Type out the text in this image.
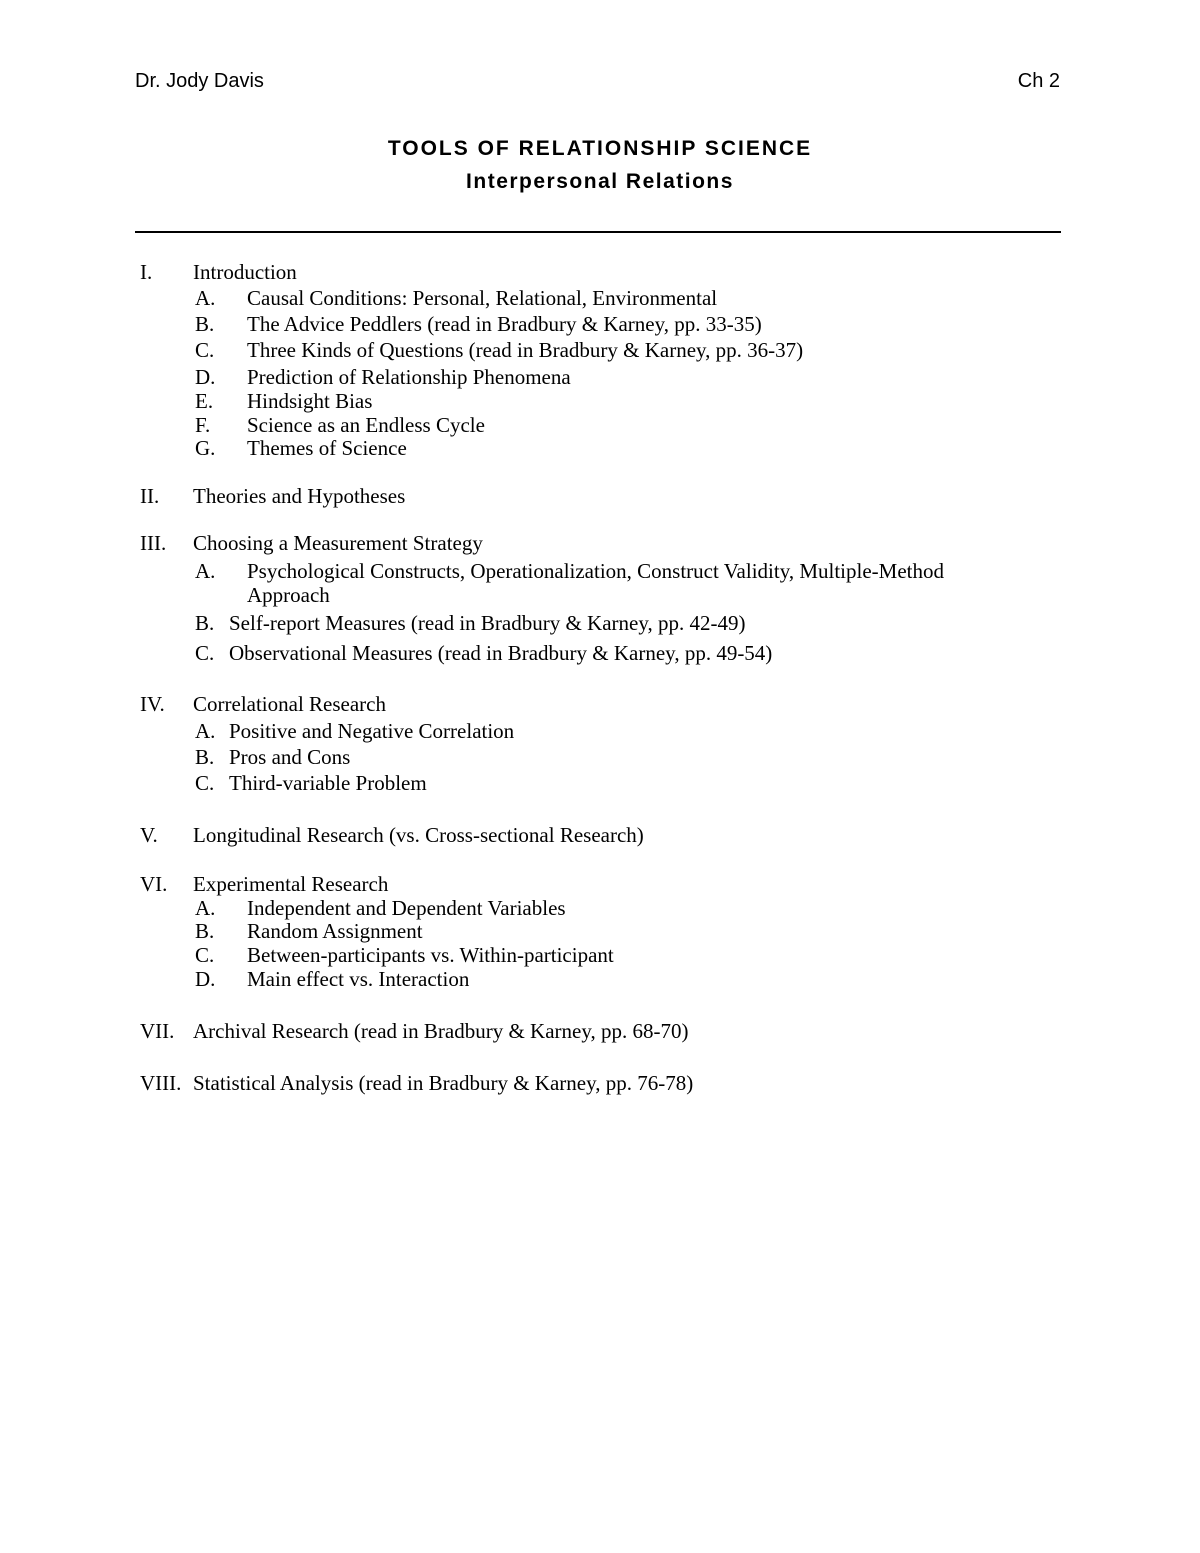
Dr. Jody Davis	Ch 2
TOOLS OF RELATIONSHIP SCIENCE
Interpersonal Relations
I. Introduction
A. Causal Conditions: Personal, Relational, Environmental
B. The Advice Peddlers (read in Bradbury & Karney, pp. 33-35)
C. Three Kinds of Questions (read in Bradbury & Karney, pp. 36-37)
D. Prediction of Relationship Phenomena
E. Hindsight Bias
F. Science as an Endless Cycle
G. Themes of Science
II. Theories and Hypotheses
III. Choosing a Measurement Strategy
A. Psychological Constructs, Operationalization, Construct Validity, Multiple-Method
Approach
B. Self-report Measures (read in Bradbury & Karney, pp. 42-49)
C. Observational Measures (read in Bradbury & Karney, pp. 49-54)
IV. Correlational Research
A. Positive and Negative Correlation
B. Pros and Cons
C. Third-variable Problem
V. Longitudinal Research (vs. Cross-sectional Research)
VI. Experimental Research
A. Independent and Dependent Variables
B. Random Assignment
C. Between-participants vs. Within-participant
D. Main effect vs. Interaction
VII. Archival Research (read in Bradbury & Karney, pp. 68-70)
VIII. Statistical Analysis (read in Bradbury & Karney, pp. 76-78)
